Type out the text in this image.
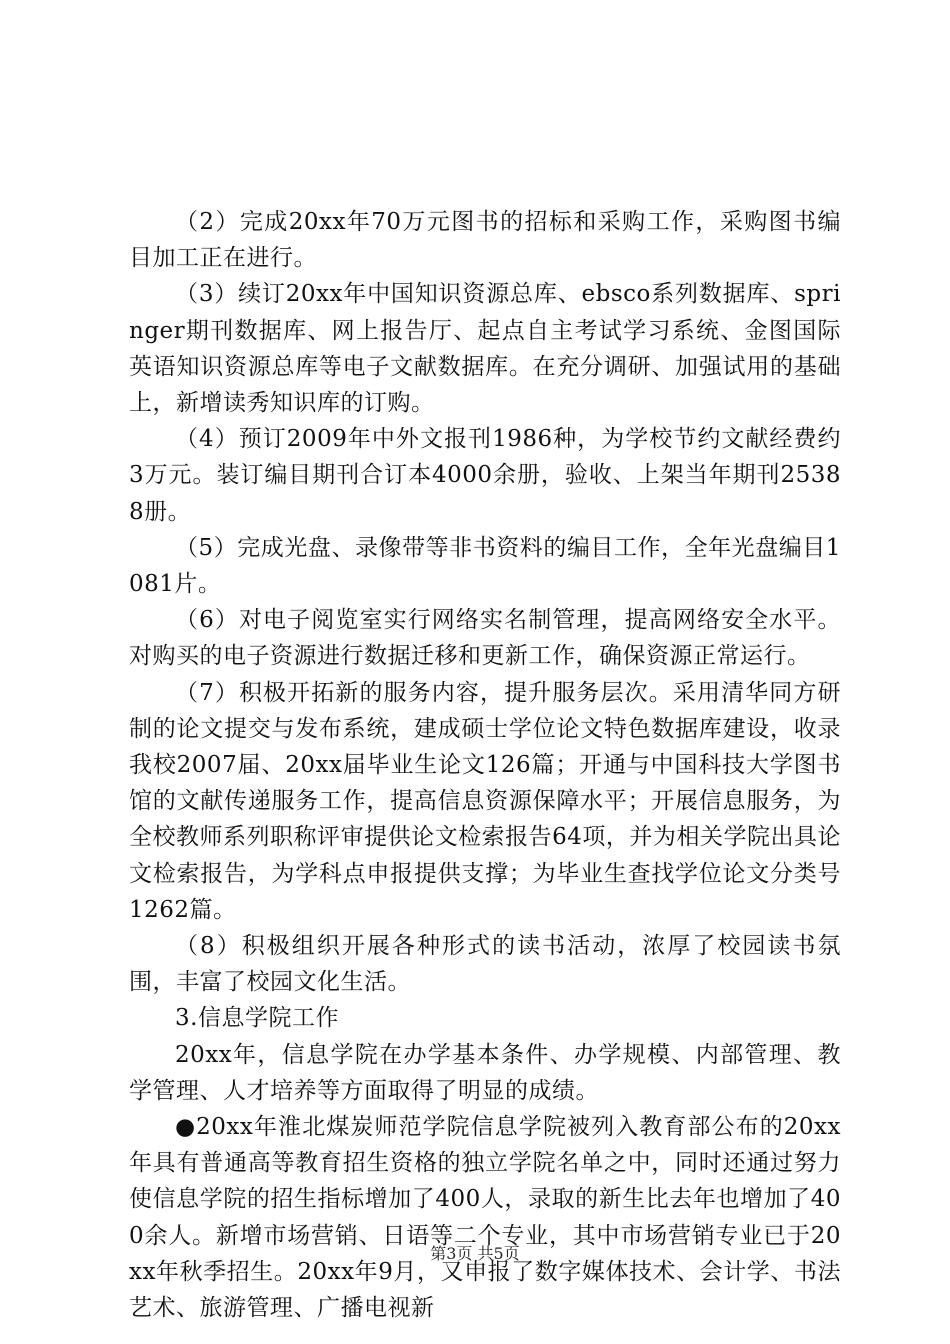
（2）完成20xx年70万元图书的招标和采购工作，采购图书编目加工正在进行。

（3）续订20xx年中国知识资源总库、ebsco系列数据库、springer期刊数据库、网上报告厅、起点自主考试学习系统、金图国际英语知识资源总库等电子文献数据库。在充分调研、加强试用的基础上，新增读秀知识库的订购。

（4）预订2009年中外文报刊1986种，为学校节约文献经费约3万元。装订编目期刊合订本4000余册，验收、上架当年期刊25388册。

（5）完成光盘、录像带等非书资料的编目工作，全年光盘编目1081片。

（6）对电子阅览室实行网络实名制管理，提高网络安全水平。对购买的电子资源进行数据迁移和更新工作，确保资源正常运行。

（7）积极开拓新的服务内容，提升服务层次。采用清华同方研制的论文提交与发布系统，建成硕士学位论文特色数据库建设，收录我校2007届、20xx届毕业生论文126篇；开通与中国科技大学图书馆的文献传递服务工作，提高信息资源保障水平；开展信息服务，为全校教师系列职称评审提供论文检索报告64项，并为相关学院出具论文检索报告，为学科点申报提供支撑；为毕业生查找学位论文分类号1262篇。

（8）积极组织开展各种形式的读书活动，浓厚了校园读书氛围，丰富了校园文化生活。

3.信息学院工作

20xx年，信息学院在办学基本条件、办学规模、内部管理、教学管理、人才培养等方面取得了明显的成绩。

●20xx年淮北煤炭师范学院信息学院被列入教育部公布的20xx年具有普通高等教育招生资格的独立学院名单之中，同时还通过努力使信息学院的招生指标增加了400人，录取的新生比去年也增加了400余人。新增市场营销、日语等二个专业，其中市场营销专业已于20xx年秋季招生。20xx年9月，又申报了数字媒体技术、会计学、书法艺术、旅游管理、广播电视新

第3页 共5页
